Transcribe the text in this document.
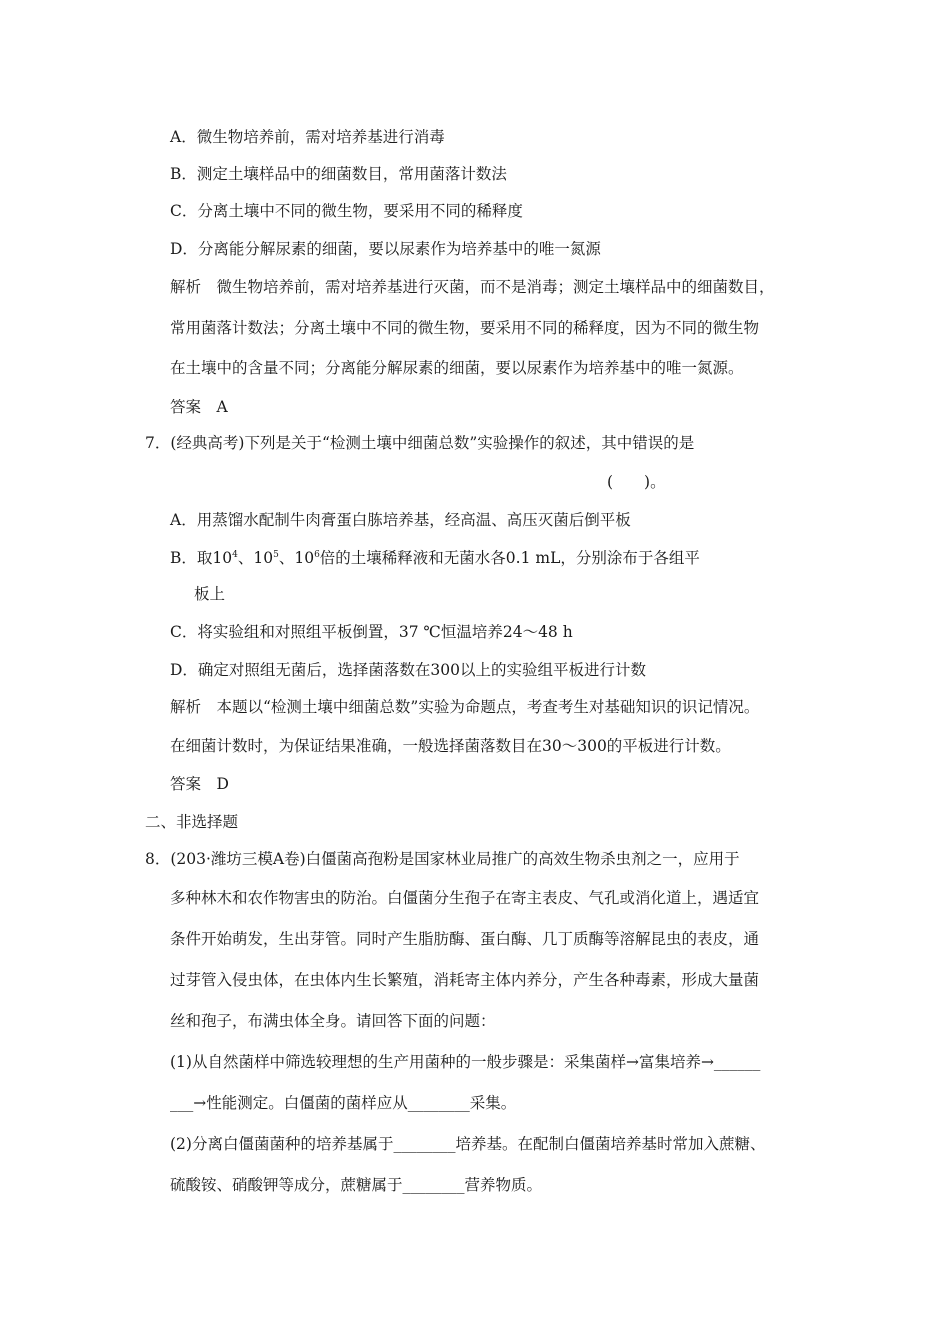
A．微生物培养前，需对培养基进行消毒
B．测定土壤样品中的细菌数目，常用菌落计数法
C．分离土壤中不同的微生物，要采用不同的稀释度
D．分离能分解尿素的细菌，要以尿素作为培养基中的唯一氮源
解析　微生物培养前，需对培养基进行灭菌，而不是消毒；测定土壤样品中的细菌数目，
常用菌落计数法；分离土壤中不同的微生物，要采用不同的稀释度，因为不同的微生物
在土壤中的含量不同；分离能分解尿素的细菌，要以尿素作为培养基中的唯一氮源。
答案　A
7．(经典高考)下列是关于“检测土壤中细菌总数”实验操作的叙述，其中错误的是
(　　)。
A．用蒸馏水配制牛肉膏蛋白胨培养基，经高温、高压灭菌后倒平板
B．取$10^4$、$10^5$、$10^6$倍的土壤稀释液和无菌水各0.1 mL，分别涂布于各组平
板上
C．将实验组和对照组平板倒置，37 ℃恒温培养24～48 h
D．确定对照组无菌后，选择菌落数在300以上的实验组平板进行计数
解析　本题以“检测土壤中细菌总数”实验为命题点，考查考生对基础知识的识记情况。
在细菌计数时，为保证结果准确，一般选择菌落数目在30～300的平板进行计数。
答案　D
二、非选择题
8．(203·潍坊三模A卷)白僵菌高孢粉是国家林业局推广的高效生物杀虫剂之一，应用于
多种林木和农作物害虫的防治。白僵菌分生孢子在寄主表皮、气孔或消化道上，遇适宜
条件开始萌发，生出芽管。同时产生脂肪酶、蛋白酶、几丁质酶等溶解昆虫的表皮，通
过芽管入侵虫体，在虫体内生长繁殖，消耗寄主体内养分，产生各种毒素，形成大量菌
丝和孢子，布满虫体全身。请回答下面的问题：
(1)从自然菌样中筛选较理想的生产用菌种的一般步骤是：采集菌样→富集培养→______
___→性能测定。白僵菌的菌样应从________采集。
(2)分离白僵菌菌种的培养基属于________培养基。在配制白僵菌培养基时常加入蔗糖、
硫酸铵、硝酸钾等成分，蔗糖属于________营养物质。
